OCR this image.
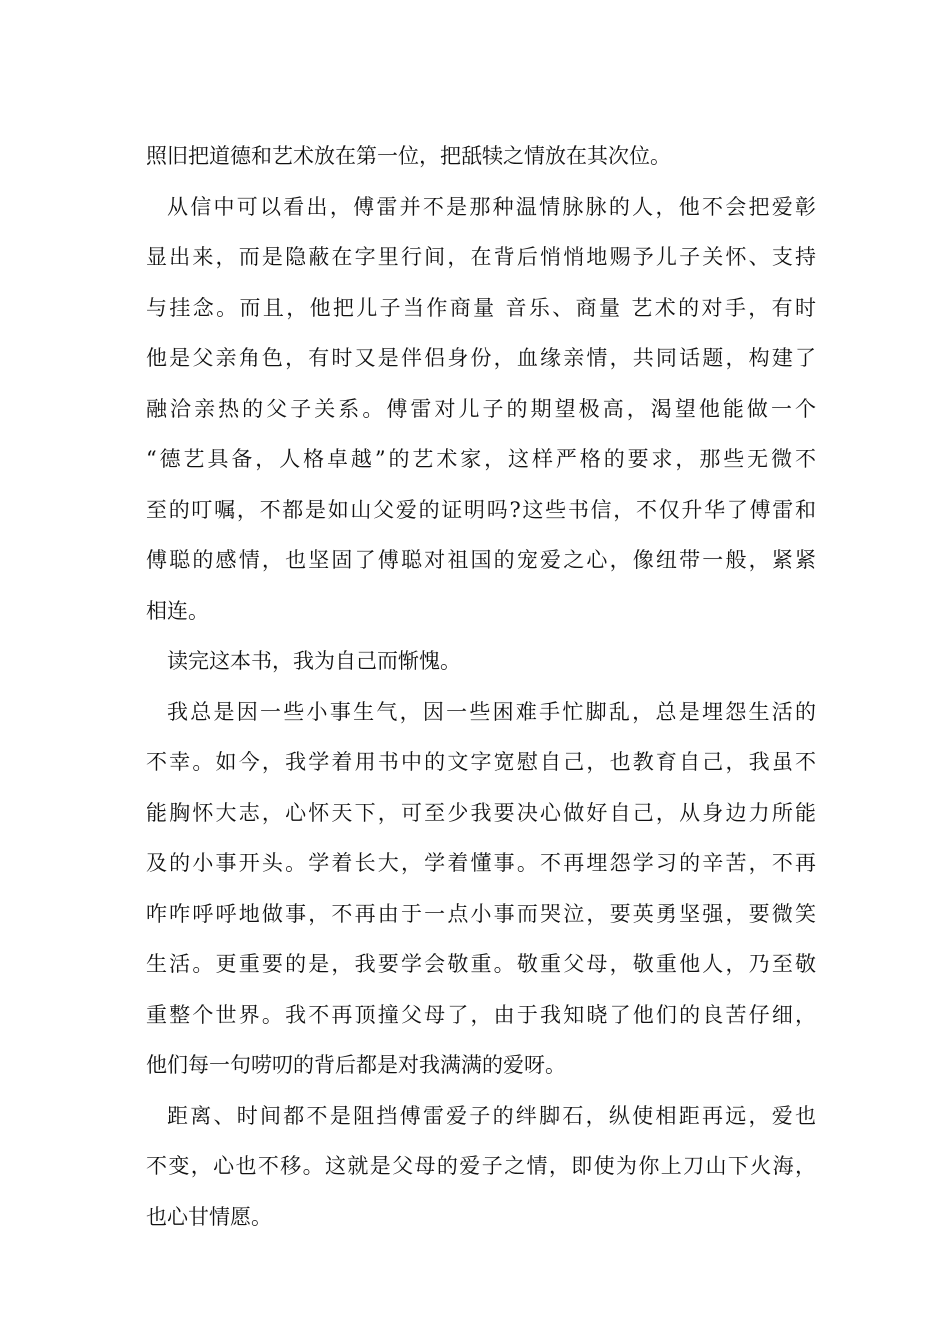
照旧把道德和艺术放在第一位，把舐犊之情放在其次位。
从信中可以看出，傅雷并不是那种温情脉脉的人，他不会把爱彰
显出来，而是隐蔽在字里行间，在背后悄悄地赐予儿子关怀、支持
与挂念。而且，他把儿子当作商量 音乐、商量 艺术的对手，有时
他是父亲角色，有时又是伴侣身份，血缘亲情，共同话题，构建了
融洽亲热的父子关系。傅雷对儿子的期望极高，渴望他能做一个
“德艺具备，人格卓越”的艺术家，这样严格的要求，那些无微不
至的叮嘱，不都是如山父爱的证明吗?这些书信，不仅升华了傅雷和
傅聪的感情，也坚固了傅聪对祖国的宠爱之心，像纽带一般，紧紧
相连。
读完这本书，我为自己而惭愧。
我总是因一些小事生气，因一些困难手忙脚乱，总是埋怨生活的
不幸。如今，我学着用书中的文字宽慰自己，也教育自己，我虽不
能胸怀大志，心怀天下，可至少我要决心做好自己，从身边力所能
及的小事开头。学着长大，学着懂事。不再埋怨学习的辛苦，不再
咋咋呼呼地做事，不再由于一点小事而哭泣，要英勇坚强，要微笑
生活。更重要的是，我要学会敬重。敬重父母，敬重他人，乃至敬
重整个世界。我不再顶撞父母了，由于我知晓了他们的良苦仔细，
他们每一句唠叨的背后都是对我满满的爱呀。
距离、时间都不是阻挡傅雷爱子的绊脚石，纵使相距再远，爱也
不变，心也不移。这就是父母的爱子之情，即使为你上刀山下火海，
也心甘情愿。
